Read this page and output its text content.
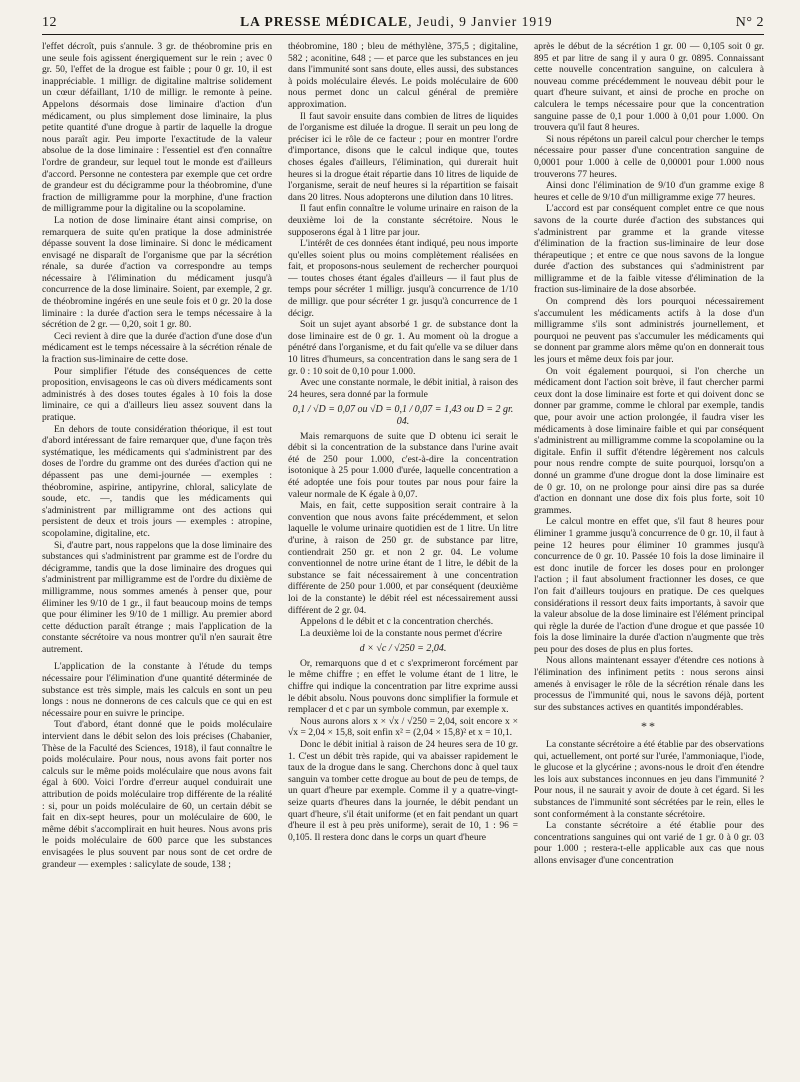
12	LA PRESSE MÉDICALE, Jeudi, 9 Janvier 1919	N° 2

l'effet décroît, puis s'annule. 3 gr. de théobromine pris en une seule fois agissent énergiquement sur le rein ; avec 0 gr. 50, l'effet de la drogue est faible ; pour 0 gr. 10, il est inappréciable. 1 milligr. de digitaline maltrise solidement un cœur défaillant, 1/10 de milligr. le remonte à peine. Appelons désormais dose liminaire d'action d'un médicament, ou plus simplement dose liminaire, la plus petite quantité d'une drogue à partir de laquelle la drogue nous paraît agir. Peu importe l'exactitude de la valeur absolue de la dose liminaire : l'essentiel est d'en connaître l'ordre de grandeur, sur lequel tout le monde est d'ailleurs d'accord. Personne ne contestera par exemple que cet ordre de grandeur est du décigramme pour la théobromine, d'une fraction de milligramme pour la morphine, d'une fraction de milligramme pour la digitaline ou la scopolamine.

La notion de dose liminaire étant ainsi comprise, on remarquera de suite qu'en pratique la dose administrée dépasse souvent la dose liminaire. Si donc le médicament envisagé ne disparaît de l'organisme que par la sécrétion rénale, sa durée d'action va correspondre au temps nécessaire à l'élimination du médicament jusqu'à concurrence de la dose liminaire. Soient, par exemple, 2 gr. de théobromine ingérés en une seule fois et 0 gr. 20 la dose liminaire : la durée d'action sera le temps nécessaire à la sécrétion de 2 gr. — 0,20, soit 1 gr. 80.

Ceci revient à dire que la durée d'action d'une dose d'un médicament est le temps nécessaire à la sécrétion rénale de la fraction sus-liminaire de cette dose.

Pour simplifier l'étude des conséquences de cette proposition, envisageons le cas où divers médicaments sont administrés à des doses toutes égales à 10 fois la dose liminaire, ce qui a d'ailleurs lieu assez souvent dans la pratique.

En dehors de toute considération théorique, il est tout d'abord intéressant de faire remarquer que, d'une façon très systématique, les médicaments qui s'administrent par des doses de l'ordre du gramme ont des durées d'action qui ne dépassent pas une demi-journée — exemples : théobromine, aspirine, antipyrine, chloral, salicylate de soude, etc. —, tandis que les médicaments qui s'administrent par milligramme ont des actions qui persistent de deux et trois jours — exemples : atropine, scopolamine, digitaline, etc.

Si, d'autre part, nous rappelons que la dose liminaire des substances qui s'administrent par gramme est de l'ordre du décigramme, tandis que la dose liminaire des drogues qui s'administrent par milligramme est de l'ordre du dixième de milligramme, nous sommes amenés à penser que, pour éliminer les 9/10 de 1 gr., il faut beaucoup moins de temps que pour éliminer les 9/10 de 1 milligr. Au premier abord cette déduction paraît étrange ; mais l'application de la constante sécrétoire va nous montrer qu'il n'en saurait être autrement.

L'application de la constante à l'étude du temps nécessaire pour l'élimination d'une quantité déterminée de substance est très simple, mais les calculs en sont un peu longs : nous ne donnerons de ces calculs que ce qui en est nécessaire pour en suivre le principe.

Tout d'abord, étant donné que le poids moléculaire intervient dans le débit selon des lois précises (Chabanier, Thèse de la Faculté des Sciences, 1918), il faut connaître le poids moléculaire. Pour nous, nous avons fait porter nos calculs sur le même poids moléculaire que nous avons fait égal à 600. Voici l'ordre d'erreur auquel conduirait une attribution de poids moléculaire trop différente de la réalité : si, pour un poids moléculaire de 60, un certain débit se fait en dix-sept heures, pour un moléculaire de 600, le même débit s'accomplirait en huit heures. Nous avons pris le poids moléculaire de 600 parce que les substances envisagées le plus souvent par nous sont de cet ordre de grandeur — exemples : salicylate de soude, 138 ;

théobromine, 180 ; bleu de méthylène, 375,5 ; digitaline, 582 ; aconitine, 648 ; — et parce que les substances en jeu dans l'immunité sont sans doute, elles aussi, des substances à poids moléculaire élevés. Le poids moléculaire de 600 nous permet donc un calcul général de première approximation.

Il faut savoir ensuite dans combien de litres de liquides de l'organisme est diluée la drogue. Il serait un peu long de préciser ici le rôle de ce facteur ; pour en montrer l'ordre d'importance, disons que le calcul indique que, toutes choses égales d'ailleurs, l'élimination, qui durerait huit heures si la drogue était répartie dans 10 litres de liquide de l'organisme, serait de neuf heures si la répartition se faisait dans 20 litres. Nous adopterons une dilution dans 10 litres.

Il faut enfin connaître le volume urinaire en raison de la deuxième loi de la constante sécrétoire. Nous le supposerons égal à 1 litre par jour.

L'intérêt de ces données étant indiqué, peu nous importe qu'elles soient plus ou moins complètement réalisées en fait, et proposons-nous seulement de rechercher pourquoi — toutes choses étant égales d'ailleurs — il faut plus de temps pour sécréter 1 milligr. jusqu'à concurrence de 1/10 de milligr. que pour sécréter 1 gr. jusqu'à concurrence de 1 décigr.

Soit un sujet ayant absorbé 1 gr. de substance dont la dose liminaire est de 0 gr. 1. Au moment où la drogue a pénétré dans l'organisme, et du fait qu'elle va se diluer dans 10 litres d'humeurs, sa concentration dans le sang sera de 1 gr. 0 : 10 soit de 0,10 pour 1.000.

Avec une constante normale, le débit initial, à raison des 24 heures, sera donné par la formule

0,1 / √D = 0,07 ou √D = 0,1 / 0,07 = 1,43 ou D = 2 gr. 04.

Mais remarquons de suite que D obtenu ici serait le débit si la concentration de la substance dans l'urine avait été de 250 pour 1.000, c'est-à-dire la concentration isotonique à 25 pour 1.000 d'urée, laquelle concentration a été adoptée une fois pour toutes par nous pour faire la valeur normale de K égale à 0,07.

Mais, en fait, cette supposition serait contraire à la convention que nous avons faite précédemment, et selon laquelle le volume urinaire quotidien est de 1 litre. Un litre d'urine, à raison de 250 gr. de substance par litre, contiendrait 250 gr. et non 2 gr. 04. Le volume conventionnel de notre urine étant de 1 litre, le débit de la substance se fait nécessairement à une concentration différente de 250 pour 1.000, et par conséquent (deuxième loi de la constante) le débit réel est nécessairement aussi différent de 2 gr. 04.

Appelons d le débit et c la concentration cherchés.

La deuxième loi de la constante nous permet d'écrire

d × √c / √250 = 2,04.

Or, remarquons que d et c s'exprimeront forcément par le même chiffre ; en effet le volume étant de 1 litre, le chiffre qui indique la concentration par litre exprime aussi le débit absolu. Nous pouvons donc simplifier la formule et remplacer d et c par un symbole commun, par exemple x.

Nous aurons alors x × √x / √250 = 2,04, soit encore x × √x = 2,04 × 15,8, soit enfin x² = (2,04 × 15,8)² et x = 10,1.

Donc le débit initial à raison de 24 heures sera de 10 gr. 1. C'est un débit très rapide, qui va abaisser rapidement le taux de la drogue dans le sang. Cherchons donc à quel taux sanguin va tomber cette drogue au bout de peu de temps, de un quart d'heure par exemple. Comme il y a quatre-vingt-seize quarts d'heures dans la journée, le débit pendant un quart d'heure, s'il était uniforme (et en fait pendant un quart d'heure il est à peu près uniforme), serait de 10, 1 : 96 = 0,105. Il restera donc dans le corps un quart d'heure

après le début de la sécrétion 1 gr. 00 — 0,105 soit 0 gr. 895 et par litre de sang il y aura 0 gr. 0895. Connaissant cette nouvelle concentration sanguine, on calculera à nouveau comme précédemment le nouveau débit pour le quart d'heure suivant, et ainsi de proche en proche on calculera le temps nécessaire pour que la concentration sanguine passe de 0,1 pour 1.000 à 0,01 pour 1.000. On trouvera qu'il faut 8 heures.

Si nous répétons un pareil calcul pour chercher le temps nécessaire pour passer d'une concentration sanguine de 0,0001 pour 1.000 à celle de 0,00001 pour 1.000 nous trouverons 77 heures.

Ainsi donc l'élimination de 9/10 d'un gramme exige 8 heures et celle de 9/10 d'un milligramme exige 77 heures.

L'accord est par conséquent complet entre ce que nous savons de la courte durée d'action des substances qui s'administrent par gramme et la grande vitesse d'élimination de la fraction sus-liminaire de leur dose thérapeutique ; et entre ce que nous savons de la longue durée d'action des substances qui s'administrent par milligramme et de la faible vitesse d'élimination de la fraction sus-liminaire de la dose absorbée.

On comprend dès lors pourquoi nécessairement s'accumulent les médicaments actifs à la dose d'un milligramme s'ils sont administrés journellement, et pourquoi ne peuvent pas s'accumuler les médicaments qui se donnent par gramme alors même qu'on en donnerait tous les jours et même deux fois par jour.

On voit également pourquoi, si l'on cherche un médicament dont l'action soit brève, il faut chercher parmi ceux dont la dose liminaire est forte et qui doivent donc se donner par gramme, comme le chloral par exemple, tandis que, pour avoir une action prolongée, il faudra viser les médicaments à dose liminaire faible et qui par conséquent s'administrent au milligramme comme la scopolamine ou la digitale. Enfin il suffit d'étendre légèrement nos calculs pour nous rendre compte de suite pourquoi, lorsqu'on a donné un gramme d'une drogue dont la dose liminaire est de 0 gr. 10, on ne prolonge pour ainsi dire pas sa durée d'action en donnant une dose dix fois plus forte, soit 10 grammes.

Le calcul montre en effet que, s'il faut 8 heures pour éliminer 1 gramme jusqu'à concurrence de 0 gr. 10, il faut à peine 12 heures pour éliminer 10 grammes jusqu'à concurrence de 0 gr. 10. Passée 10 fois la dose liminaire il est donc inutile de forcer les doses pour en prolonger l'action ; il faut absolument fractionner les doses, ce que l'on fait d'ailleurs toujours en pratique. De ces quelques considérations il ressort deux faits importants, à savoir que la valeur absolue de la dose liminaire est l'élément principal qui règle la durée de l'action d'une drogue et que passée 10 fois la dose liminaire la durée d'action n'augmente que très peu pour des doses de plus en plus fortes.

Nous allons maintenant essayer d'étendre ces notions à l'élimination des infiniment petits : nous serons ainsi amenés à envisager le rôle de la sécrétion rénale dans les processus de l'immunité qui, nous le savons déjà, portent sur des substances actives en quantités impondérables.

**

La constante sécrétoire a été établie par des observations qui, actuellement, ont porté sur l'urée, l'ammoniaque, l'iode, le glucose et la glycérine ; avons-nous le droit d'en étendre les lois aux substances inconnues en jeu dans l'immunité ? Pour nous, il ne saurait y avoir de doute à cet égard. Si les substances de l'immunité sont sécrétées par le rein, elles le sont conformément à la constante sécrétoire.

La constante sécrétoire a été établie pour des concentrations sanguines qui ont varié de 1 gr. 0 à 0 gr. 03 pour 1.000 ; restera-t-elle applicable aux cas que nous allons envisager d'une concentration
